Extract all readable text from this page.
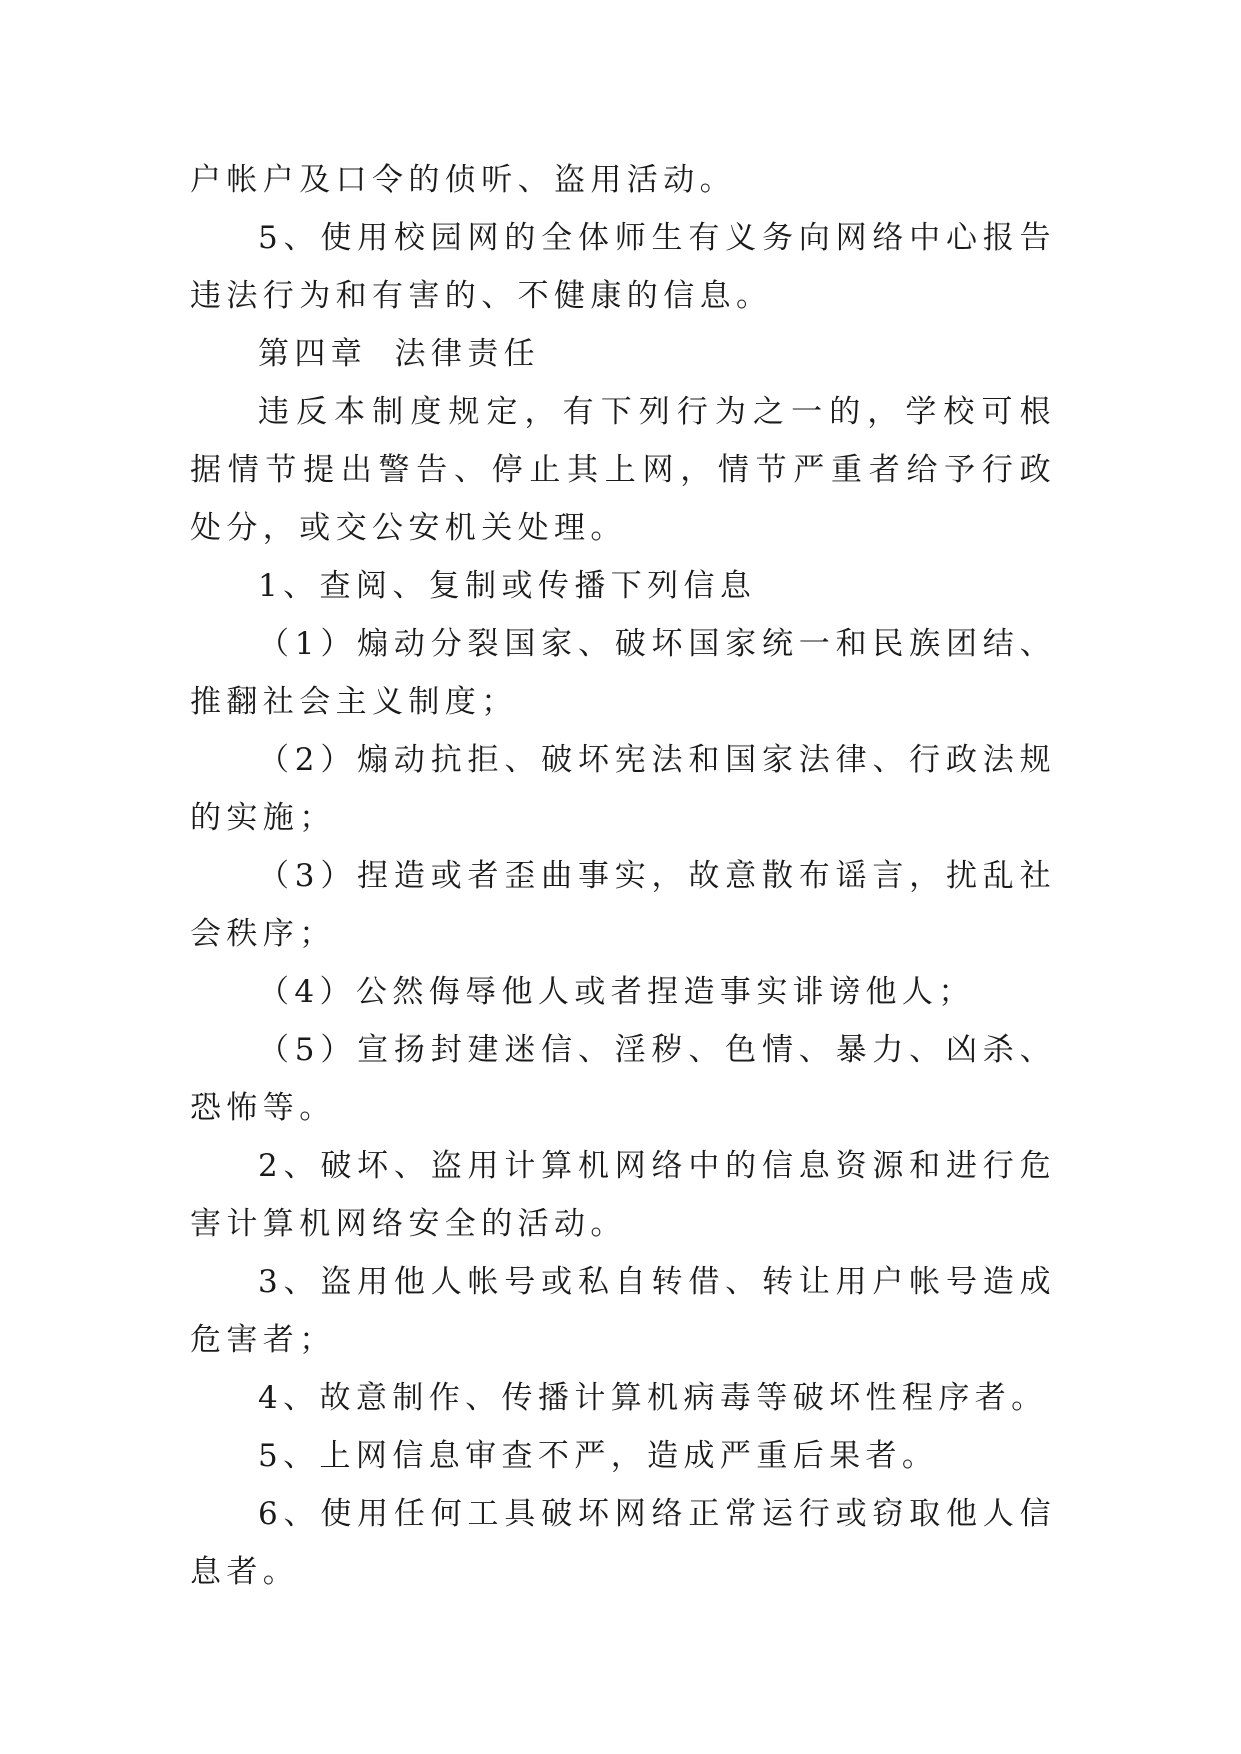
户帐户及口令的侦听、盗用活动。

5、使用校园网的全体师生有义务向网络中心报告违法行为和有害的、不健康的信息。

第四章 法律责任

违反本制度规定，有下列行为之一的，学校可根据情节提出警告、停止其上网，情节严重者给予行政处分，或交公安机关处理。

1、查阅、复制或传播下列信息

（1）煽动分裂国家、破坏国家统一和民族团结、推翻社会主义制度；

（2）煽动抗拒、破坏宪法和国家法律、行政法规的实施；

（3）捏造或者歪曲事实，故意散布谣言，扰乱社会秩序；

（4）公然侮辱他人或者捏造事实诽谤他人；

（5）宣扬封建迷信、淫秽、色情、暴力、凶杀、恐怖等。

2、破坏、盗用计算机网络中的信息资源和进行危害计算机网络安全的活动。

3、盗用他人帐号或私自转借、转让用户帐号造成危害者；

4、故意制作、传播计算机病毒等破坏性程序者。

5、上网信息审查不严，造成严重后果者。

6、使用任何工具破坏网络正常运行或窃取他人信息者。
